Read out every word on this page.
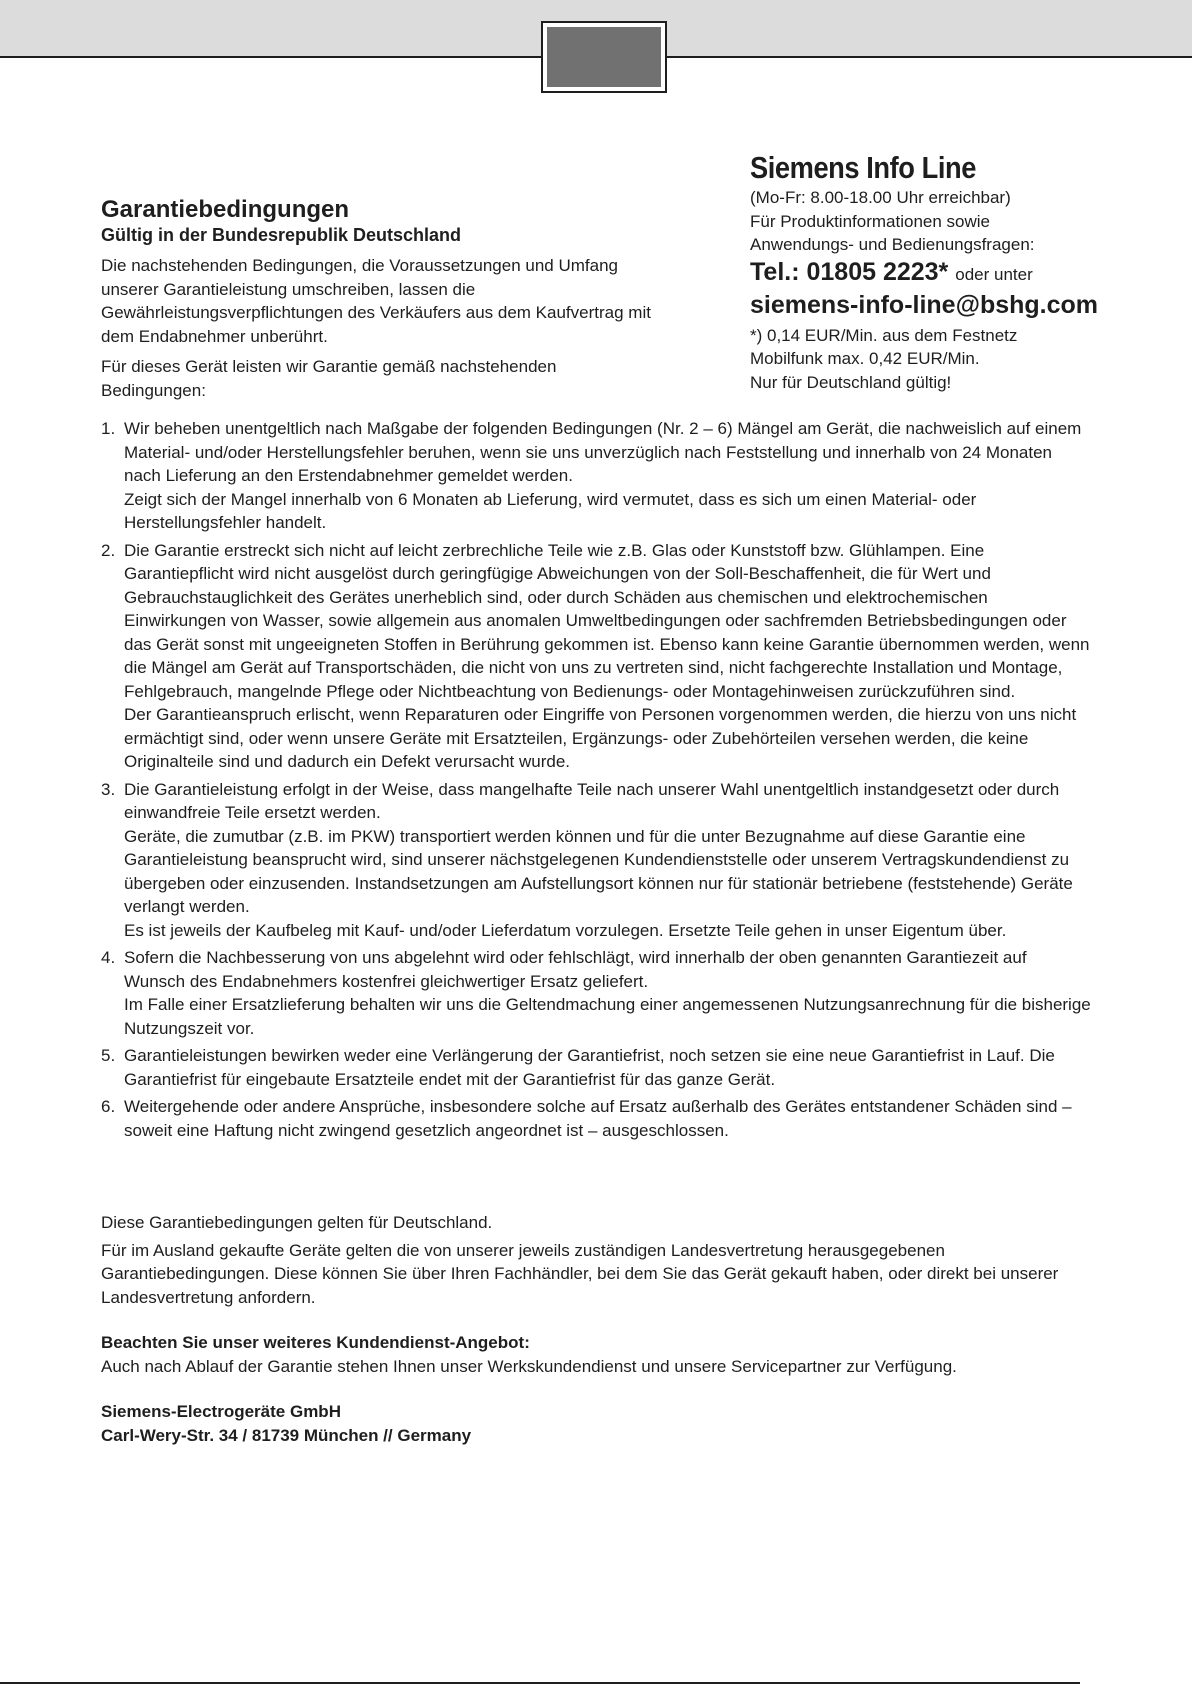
Garantiebedingungen
Gültig in der Bundesrepublik Deutschland

Die nachstehenden Bedingungen, die Voraussetzungen und Umfang unserer Garantieleistung umschreiben, lassen die Gewährleistungsverpflichtungen des Verkäufers aus dem Kaufvertrag mit dem Endabnehmer unberührt.

Für dieses Gerät leisten wir Garantie gemäß nachstehenden Bedingungen:

Siemens Info Line
(Mo-Fr: 8.00-18.00 Uhr erreichbar)
Für Produktinformationen sowie
Anwendungs- und Bedienungsfragen:
Tel.: 01805 2223* oder unter
siemens-info-line@bshg.com
*) 0,14 EUR/Min. aus dem Festnetz
Mobilfunk max. 0,42 EUR/Min.
Nur für Deutschland gültig!
1. Wir beheben unentgeltlich nach Maßgabe der folgenden Bedingungen (Nr. 2 – 6) Mängel am Gerät, die nachweislich auf einem Material- und/oder Herstellungsfehler beruhen, wenn sie uns unverzüglich nach Feststellung und innerhalb von 24 Monaten nach Lieferung an den Erstendabnehmer gemeldet werden.

Zeigt sich der Mangel innerhalb von 6 Monaten ab Lieferung, wird vermutet, dass es sich um einen Material- oder Herstellungsfehler handelt.

2. Die Garantie erstreckt sich nicht auf leicht zerbrechliche Teile wie z.B. Glas oder Kunststoff bzw. Glühlampen. Eine Garantiepflicht wird nicht ausgelöst durch geringfügige Abweichungen von der Soll-Beschaffenheit, die für Wert und Gebrauchstauglichkeit des Gerätes unerheblich sind, oder durch Schäden aus chemischen und elektrochemischen Einwirkungen von Wasser, sowie allgemein aus anomalen Umweltbedingungen oder sachfremden Betriebsbedingungen oder das Gerät sonst mit ungeeigneten Stoffen in Berührung gekommen ist. Ebenso kann keine Garantie übernommen werden, wenn die Mängel am Gerät auf Transportschäden, die nicht von uns zu vertreten sind, nicht fachgerechte Installation und Montage, Fehlgebrauch, mangelnde Pflege oder Nichtbeachtung von Bedienungs- oder Montagehinweisen zurückzuführen sind.

Der Garantieanspruch erlischt, wenn Reparaturen oder Eingriffe von Personen vorgenommen werden, die hierzu von uns nicht ermächtigt sind, oder wenn unsere Geräte mit Ersatzteilen, Ergänzungs- oder Zubehörteilen versehen werden, die keine Originalteile sind und dadurch ein Defekt verursacht wurde.

3. Die Garantieleistung erfolgt in der Weise, dass mangelhafte Teile nach unserer Wahl unentgeltlich instandgesetzt oder durch einwandfreie Teile ersetzt werden.

Geräte, die zumutbar (z.B. im PKW) transportiert werden können und für die unter Bezugnahme auf diese Garantie eine Garantieleistung beansprucht wird, sind unserer nächstgelegenen Kundendienststelle oder unserem Vertragskundendienst zu übergeben oder einzusenden. Instandsetzungen am Aufstellungsort können nur für stationär betriebene (feststehende) Geräte verlangt werden.

Es ist jeweils der Kaufbeleg mit Kauf- und/oder Lieferdatum vorzulegen. Ersetzte Teile gehen in unser Eigentum über.

4. Sofern die Nachbesserung von uns abgelehnt wird oder fehlschlägt, wird innerhalb der oben genannten Garantiezeit auf Wunsch des Endabnehmers kostenfrei gleichwertiger Ersatz geliefert.

Im Falle einer Ersatzlieferung behalten wir uns die Geltendmachung einer angemessenen Nutzungsanrechnung für die bisherige Nutzungszeit vor.

5. Garantieleistungen bewirken weder eine Verlängerung der Garantiefrist, noch setzen sie eine neue Garantiefrist in Lauf. Die Garantiefrist für eingebaute Ersatzteile endet mit der Garantiefrist für das ganze Gerät.

6. Weitergehende oder andere Ansprüche, insbesondere solche auf Ersatz außerhalb des Gerätes entstandener Schäden sind – soweit eine Haftung nicht zwingend gesetzlich angeordnet ist – ausgeschlossen.

Diese Garantiebedingungen gelten für Deutschland.

Für im Ausland gekaufte Geräte gelten die von unserer jeweils zuständigen Landesvertretung herausgegebenen Garantiebedingungen. Diese können Sie über Ihren Fachhändler, bei dem Sie das Gerät gekauft haben, oder direkt bei unserer Landesvertretung anfordern.

Beachten Sie unser weiteres Kundendienst-Angebot:

Auch nach Ablauf der Garantie stehen Ihnen unser Werkskundendienst und unsere Servicepartner zur Verfügung.

Siemens-Electrogeräte GmbH

Carl-Wery-Str. 34 / 81739 München // Germany
